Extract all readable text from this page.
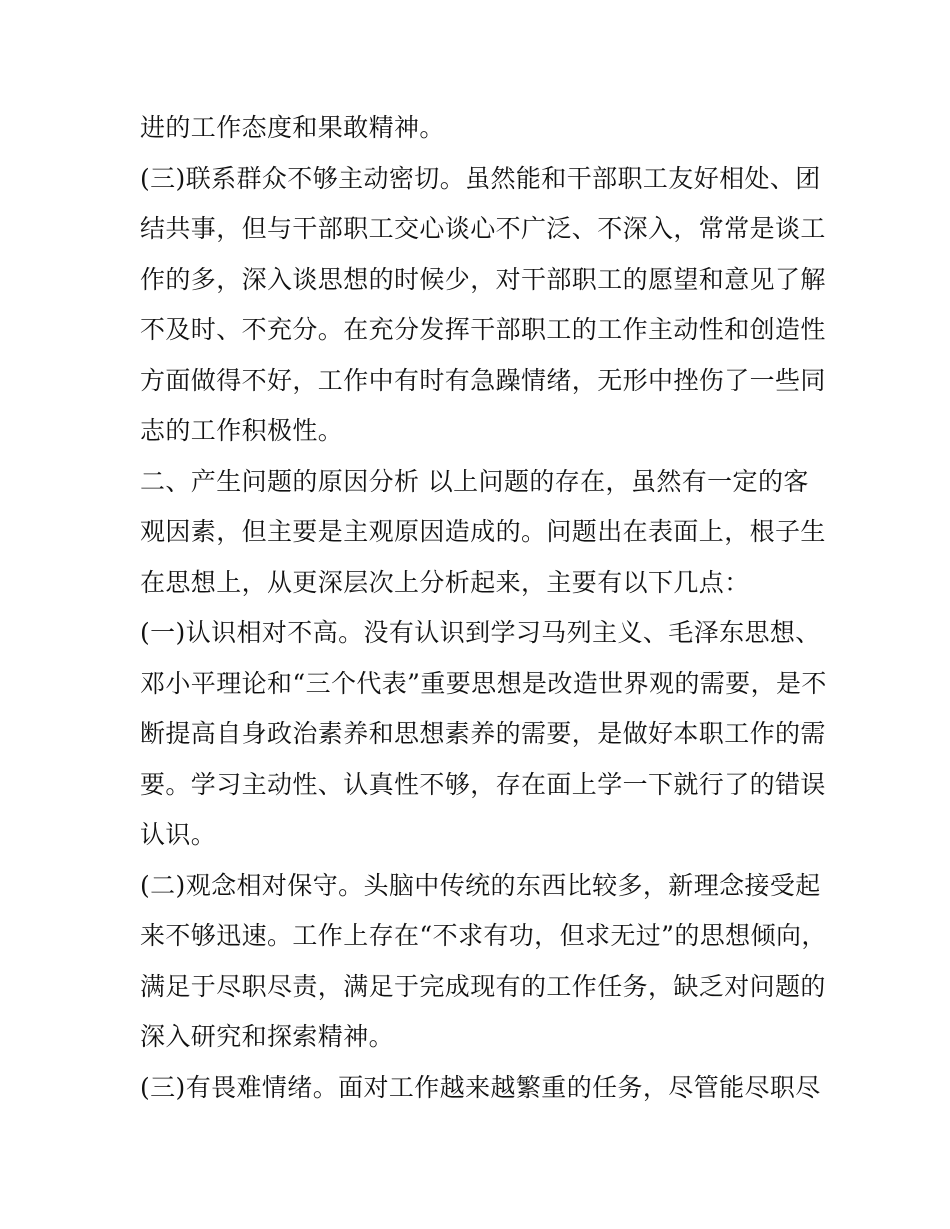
进的工作态度和果敢精神。
(三)联系群众不够主动密切。虽然能和干部职工友好相处、团
结共事，但与干部职工交心谈心不广泛、不深入，常常是谈工
作的多，深入谈思想的时候少，对干部职工的愿望和意见了解
不及时、不充分。在充分发挥干部职工的工作主动性和创造性
方面做得不好，工作中有时有急躁情绪，无形中挫伤了一些同
志的工作积极性。
二、产生问题的原因分析 以上问题的存在，虽然有一定的客
观因素，但主要是主观原因造成的。问题出在表面上，根子生
在思想上，从更深层次上分析起来，主要有以下几点：
(一)认识相对不高。没有认识到学习马列主义、毛泽东思想、
邓小平理论和“三个代表”重要思想是改造世界观的需要，是不
断提高自身政治素养和思想素养的需要，是做好本职工作的需
要。学习主动性、认真性不够，存在面上学一下就行了的错误
认识。
(二)观念相对保守。头脑中传统的东西比较多，新理念接受起
来不够迅速。工作上存在“不求有功，但求无过”的思想倾向，
满足于尽职尽责，满足于完成现有的工作任务，缺乏对问题的
深入研究和探索精神。
(三)有畏难情绪。面对工作越来越繁重的任务，尽管能尽职尽
